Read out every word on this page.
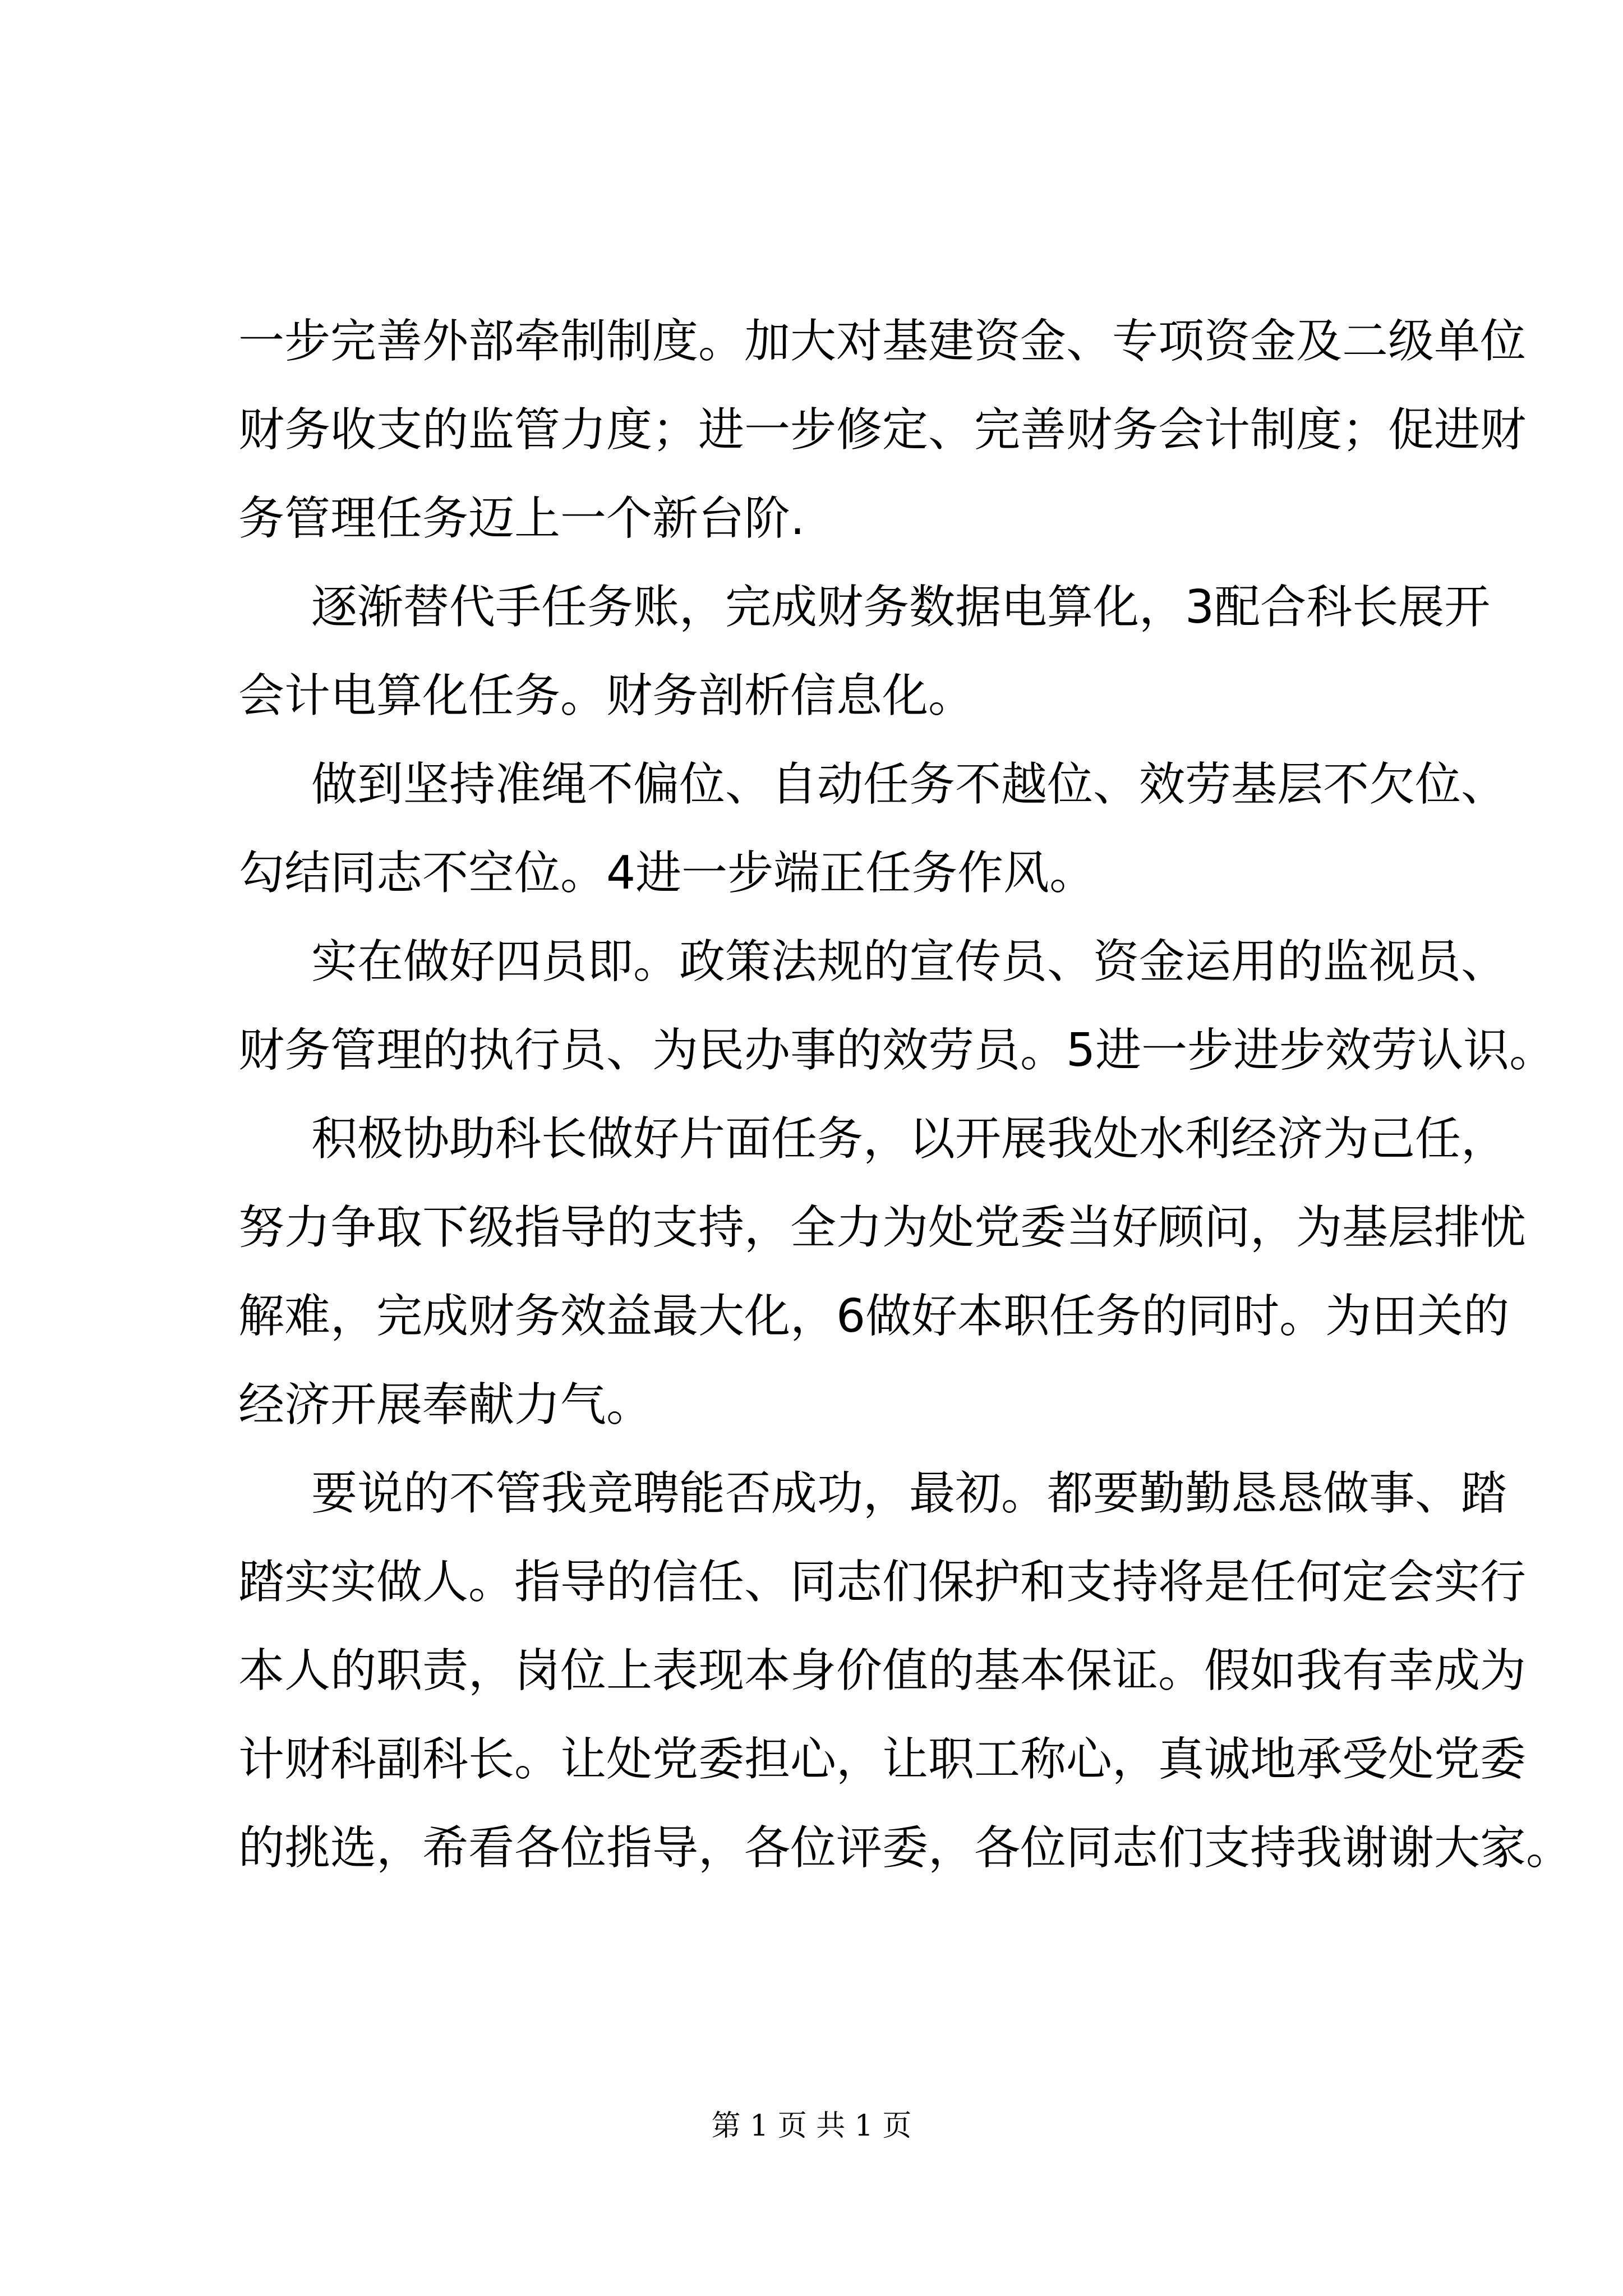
一步完善外部牵制制度。加大对基建资金、专项资金及二级单位
财务收支的监管力度；进一步修定、完善财务会计制度；促进财
务管理任务迈上一个新台阶.
逐渐替代手任务账，完成财务数据电算化，3配合科长展开
会计电算化任务。财务剖析信息化。
做到坚持准绳不偏位、自动任务不越位、效劳基层不欠位、
勾结同志不空位。4进一步端正任务作风。
实在做好四员即。政策法规的宣传员、资金运用的监视员、
财务管理的执行员、为民办事的效劳员。5进一步进步效劳认识。
积极协助科长做好片面任务，以开展我处水利经济为己任，
努力争取下级指导的支持，全力为处党委当好顾问，为基层排忧
解难，完成财务效益最大化，6做好本职任务的同时。为田关的
经济开展奉献力气。
要说的不管我竞聘能否成功，最初。都要勤勤恳恳做事、踏
踏实实做人。指导的信任、同志们保护和支持将是任何定会实行
本人的职责，岗位上表现本身价值的基本保证。假如我有幸成为
计财科副科长。让处党委担心，让职工称心，真诚地承受处党委
的挑选，希看各位指导，各位评委，各位同志们支持我谢谢大家。
第 1 页 共 1 页
